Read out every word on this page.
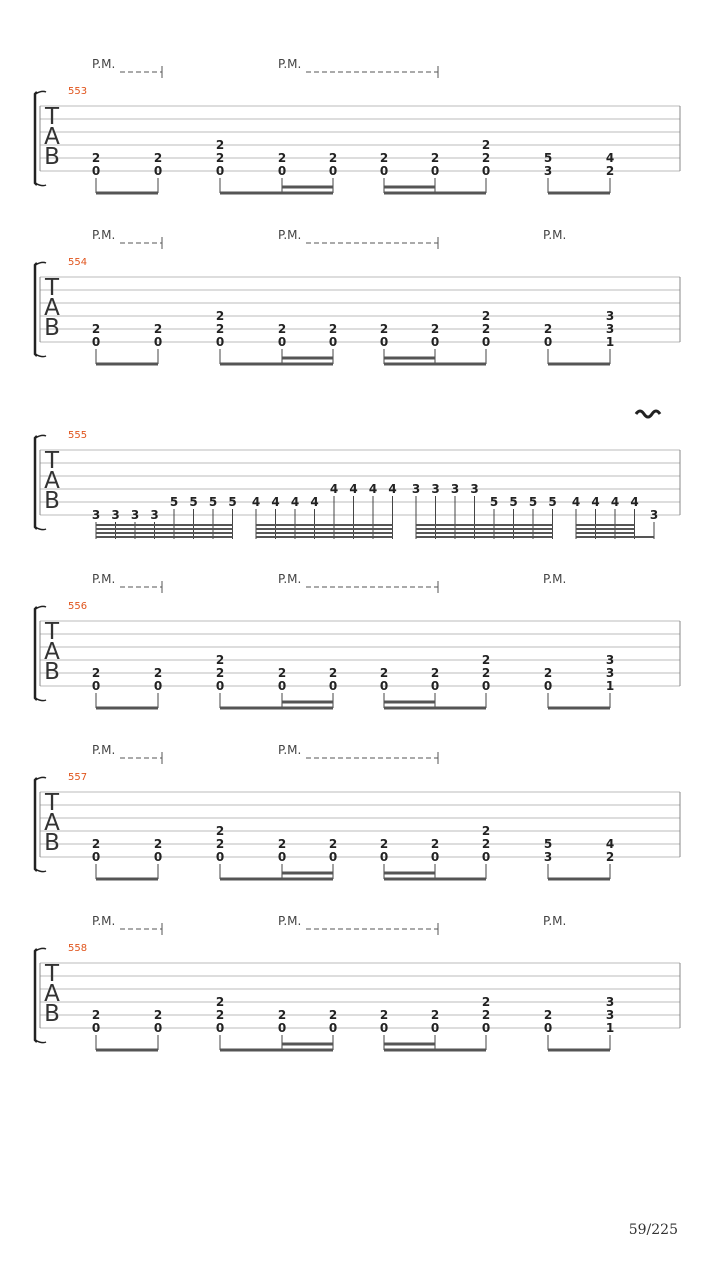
T
A
B
553
P.M.	P.M.
2
0
2
0
2
2
0
2
0
2
0
2
0
2
0
2
2
0
5
3
4
2
T
A
B
554
P.M.	P.M.	P.M.
2
0
2
0
2
2
0
2
0
2
0
2
0
2
0
2
2
0
2
0
3
3
1
T
A
B
555
3 3 3 3
5 5 5 5 4 4 4 4
4 4 4 4 3 3 3 3
5 5 5 5 4 4 4 4
3
T
A
B
556
P.M.	P.M.	P.M.
2
0
2
0
2
2
0
2
0
2
0
2
0
2
0
2
2
0
2
0
3
3
1
T
A
B
557
P.M.	P.M.
2
0
2
0
2
2
0
2
0
2
0
2
0
2
0
2
2
0
5
3
4
2
T
A
B
558
P.M.	P.M.	P.M.
2
0
2
0
2
2
0
2
0
2
0
2
0
2
0
2
2
0
2
0
3
3
1
59/225
